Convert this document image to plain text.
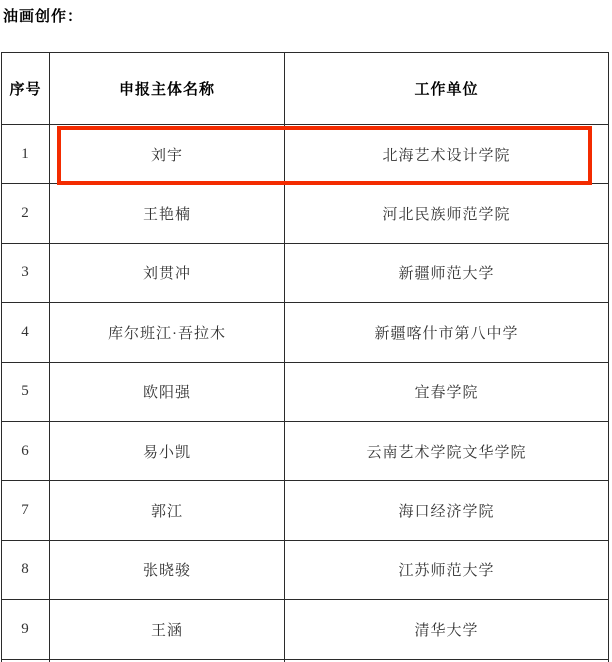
油画创作：
序号	申报主体名称	工作单位
1	刘宇	北海艺术设计学院
2	王艳楠	河北民族师范学院
3	刘贯冲	新疆师范大学
4	库尔班江·吾拉木	新疆喀什市第八中学
5	欧阳强	宜春学院
6	易小凯	云南艺术学院文华学院
7	郭江	海口经济学院
8	张晓骏	江苏师范大学
9	王涵	清华大学
